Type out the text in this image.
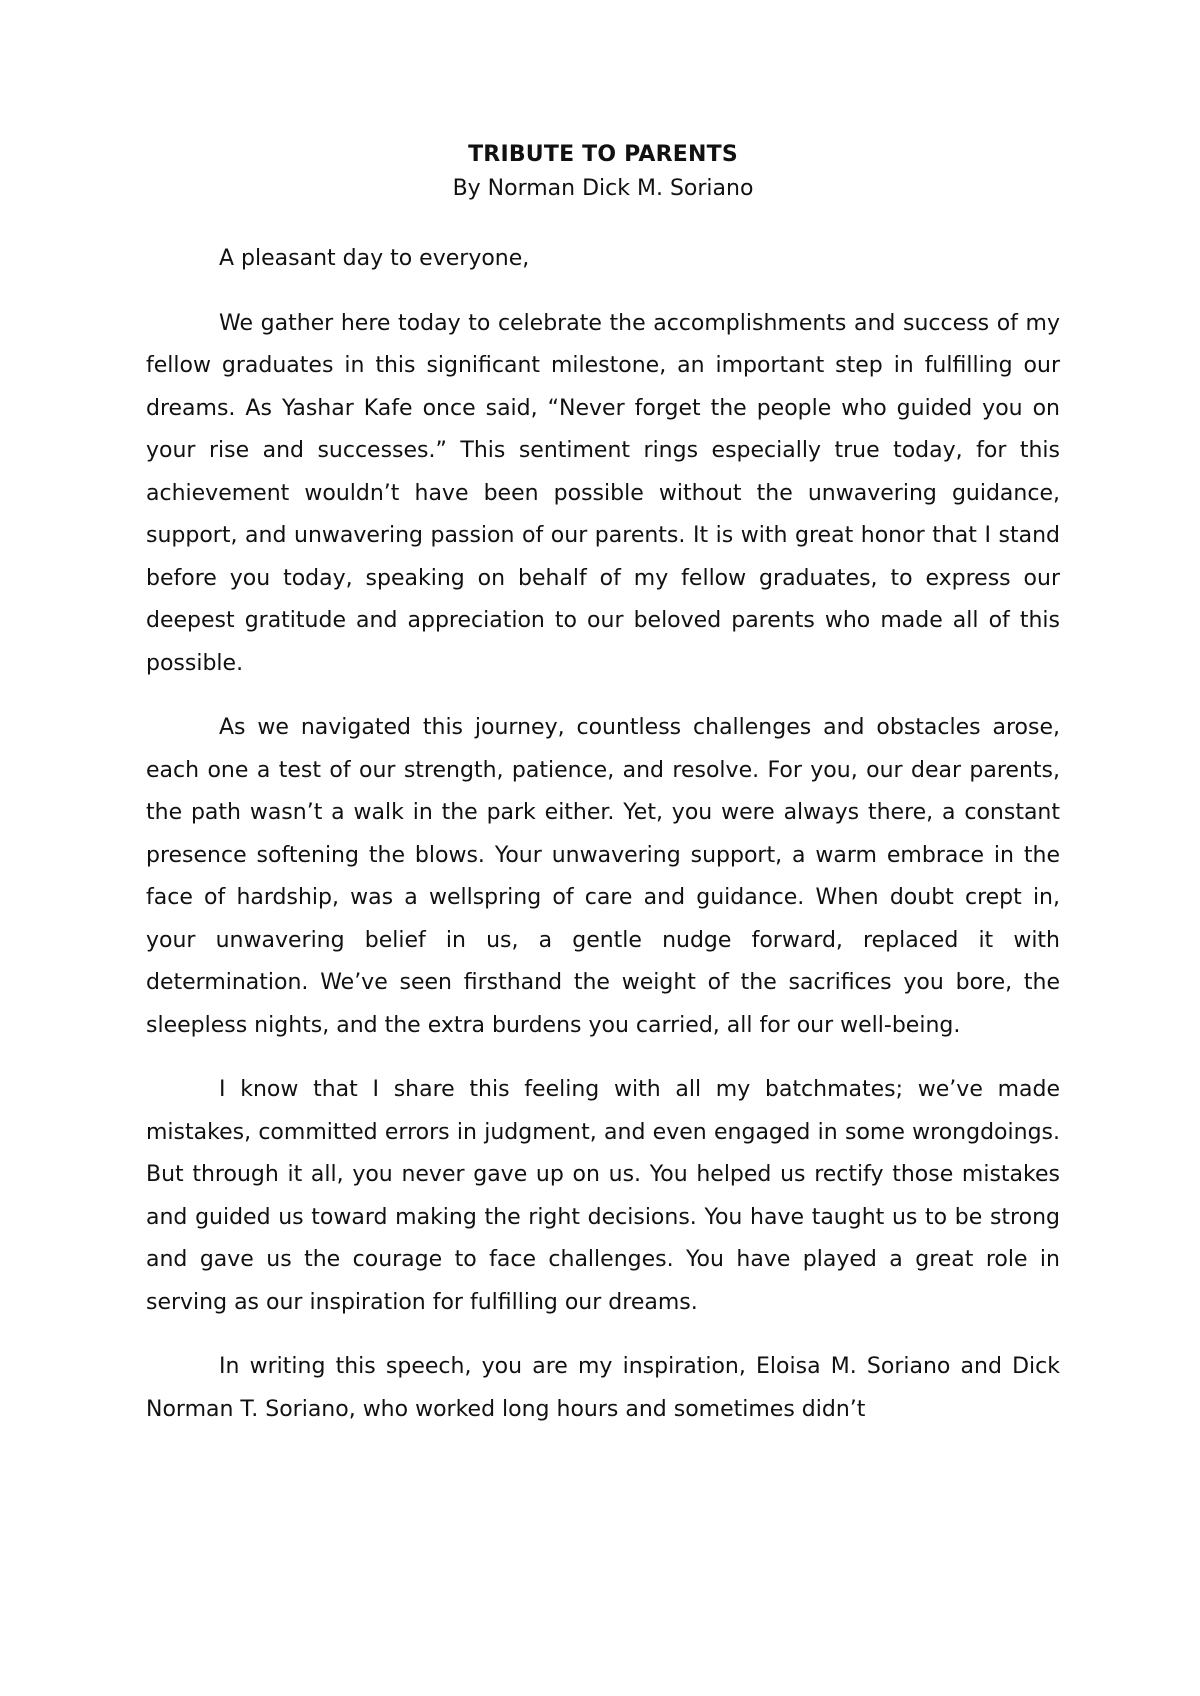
TRIBUTE TO PARENTS

By Norman Dick M. Soriano

A pleasant day to everyone,

We gather here today to celebrate the accomplishments and success of my fellow graduates in this significant milestone, an important step in fulfilling our dreams. As Yashar Kafe once said, “Never forget the people who guided you on your rise and successes.” This sentiment rings especially true today, for this achievement wouldn’t have been possible without the unwavering guidance, support, and unwavering passion of our parents. It is with great honor that I stand before you today, speaking on behalf of my fellow graduates, to express our deepest gratitude and appreciation to our beloved parents who made all of this possible.

As we navigated this journey, countless challenges and obstacles arose, each one a test of our strength, patience, and resolve. For you, our dear parents, the path wasn’t a walk in the park either. Yet, you were always there, a constant presence softening the blows. Your unwavering support, a warm embrace in the face of hardship, was a wellspring of care and guidance. When doubt crept in, your unwavering belief in us, a gentle nudge forward, replaced it with determination. We’ve seen firsthand the weight of the sacrifices you bore, the sleepless nights, and the extra burdens you carried, all for our well-being.

I know that I share this feeling with all my batchmates; we’ve made mistakes, committed errors in judgment, and even engaged in some wrongdoings. But through it all, you never gave up on us. You helped us rectify those mistakes and guided us toward making the right decisions. You have taught us to be strong and gave us the courage to face challenges. You have played a great role in serving as our inspiration for fulfilling our dreams.

In writing this speech, you are my inspiration, Eloisa M. Soriano and Dick Norman T. Soriano, who worked long hours and sometimes didn’t
